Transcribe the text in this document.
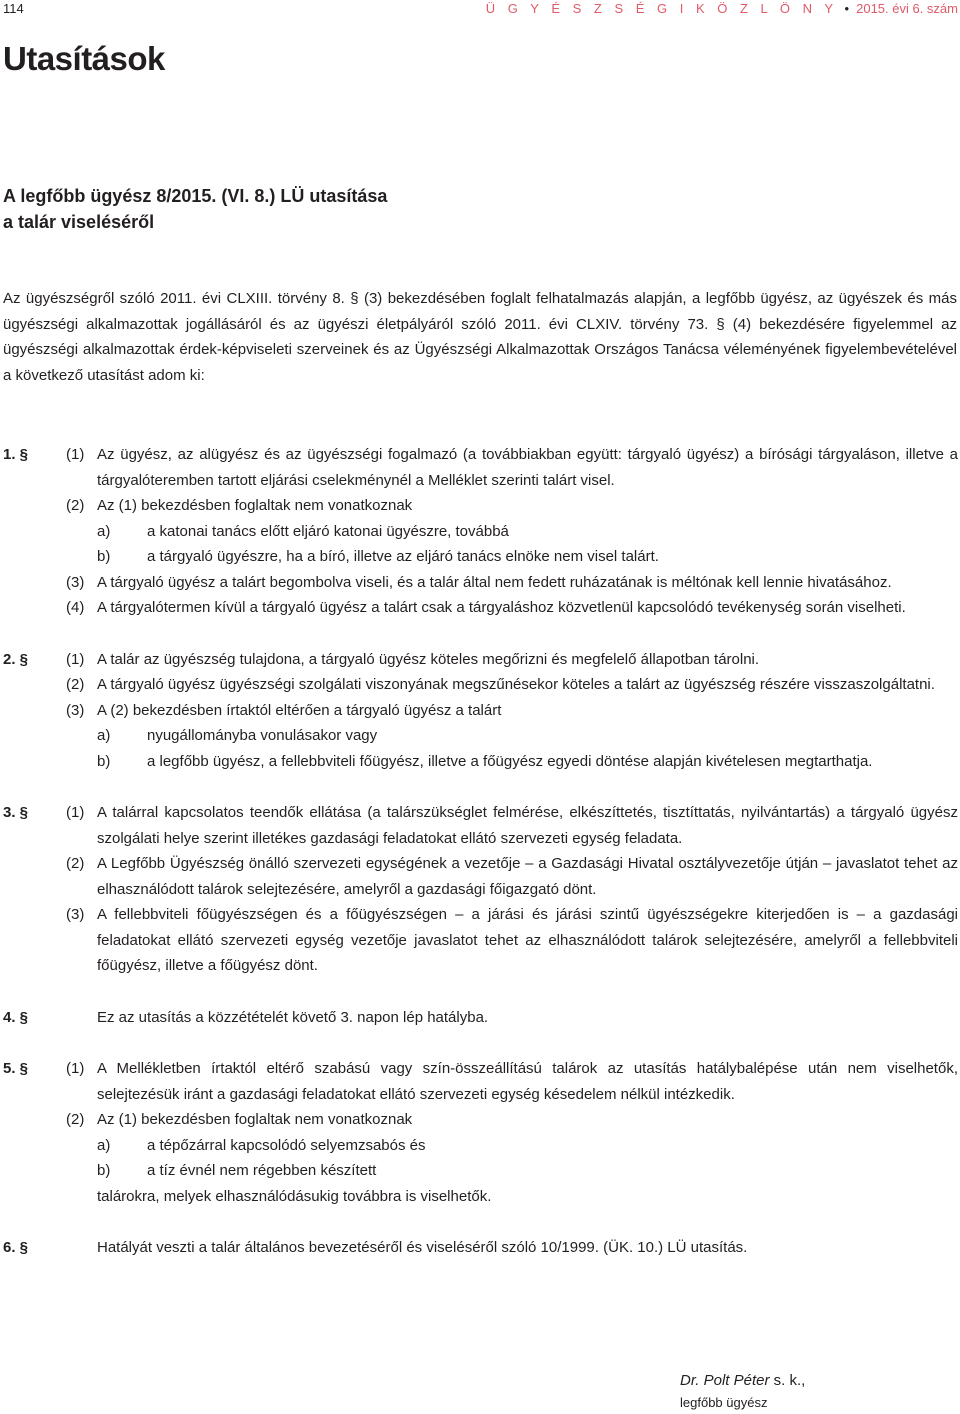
114	Ü G Y É S Z S É G I K Ö Z L Ö N Y • 2015. évi 6. szám
Utasítások
A legfőbb ügyész 8/2015. (VI. 8.) LÜ utasítása
a talár viseléséről
Az ügyészségről szóló 2011. évi CLXIII. törvény 8. § (3) bekezdésében foglalt felhatalmazás alapján, a legfőbb ügyész, az ügyészek és más ügyészségi alkalmazottak jogállásáról és az ügyészi életpályáról szóló 2011. évi CLXIV. törvény 73. § (4) bekezdésére figyelemmel az ügyészségi alkalmazottak érdek-képviseleti szerveinek és az Ügyészségi Alkalmazottak Országos Tanácsa véleményének figyelembevételével a következő utasítást adom ki:
1. §	(1) Az ügyész, az alügyész és az ügyészségi fogalmazó (a továbbiakban együtt: tárgyaló ügyész) a bírósági tárgyaláson, illetve a tárgyalóteremben tartott eljárási cselekménynél a Melléklet szerinti talárt visel.
(2) Az (1) bekezdésben foglaltak nem vonatkoznak
a) a katonai tanács előtt eljáró katonai ügyészre, továbbá
b) a tárgyaló ügyészre, ha a bíró, illetve az eljáró tanács elnöke nem visel talárt.
(3) A tárgyaló ügyész a talárt begombolva viseli, és a talár által nem fedett ruházatának is méltónak kell lennie hivatásához.
(4) A tárgyalótermen kívül a tárgyaló ügyész a talárt csak a tárgyaláshoz közvetlenül kapcsolódó tevékenység során viselheti.
2. §	(1) A talár az ügyészség tulajdona, a tárgyaló ügyész köteles megőrizni és megfelelő állapotban tárolni.
(2) A tárgyaló ügyész ügyészségi szolgálati viszonyának megszűnésekor köteles a talárt az ügyészség részére visszaszolgáltatni.
(3) A (2) bekezdésben írtaktól eltérően a tárgyaló ügyész a talárt
a) nyugállományba vonulásakor vagy
b) a legfőbb ügyész, a fellebbviteli főügyész, illetve a főügyész egyedi döntése alapján kivételesen megtarthatja.
3. §	(1) A talárral kapcsolatos teendők ellátása (a talárszükséglet felmérése, elkészíttetés, tisztíttatás, nyilvántartás) a tárgyaló ügyész szolgálati helye szerint illetékes gazdasági feladatokat ellátó szervezeti egység feladata.
(2) A Legfőbb Ügyészség önálló szervezeti egységének a vezetője – a Gazdasági Hivatal osztályvezetője útján – javaslatot tehet az elhasználódott talárok selejtezésére, amelyről a gazdasági főigazgató dönt.
(3) A fellebbviteli főügyészségen és a főügyészségen – a járási és járási szintű ügyészségekre kiterjedően is – a gazdasági feladatokat ellátó szervezeti egység vezetője javaslatot tehet az elhasználódott talárok selejtezésére, amelyről a fellebbviteli főügyész, illetve a főügyész dönt.
4. §	Ez az utasítás a közzétételét követő 3. napon lép hatályba.
5. §	(1) A Mellékletben írtaktól eltérő szabású vagy szín-összeállítású talárok az utasítás hatálybalépése után nem viselhetők, selejtezésük iránt a gazdasági feladatokat ellátó szervezeti egység késedelem nélkül intézkedik.
(2) Az (1) bekezdésben foglaltak nem vonatkoznak
a) a tépőzárral kapcsolódó selyemzsabós és
b) a tíz évnél nem régebben készített
talárokra, melyek elhasználódásukig továbbra is viselhetők.
6. §	Hatályát veszti a talár általános bevezetéséről és viseléséről szóló 10/1999. (ÜK. 10.) LÜ utasítás.
Dr. Polt Péter s. k.,
legfőbb ügyész
